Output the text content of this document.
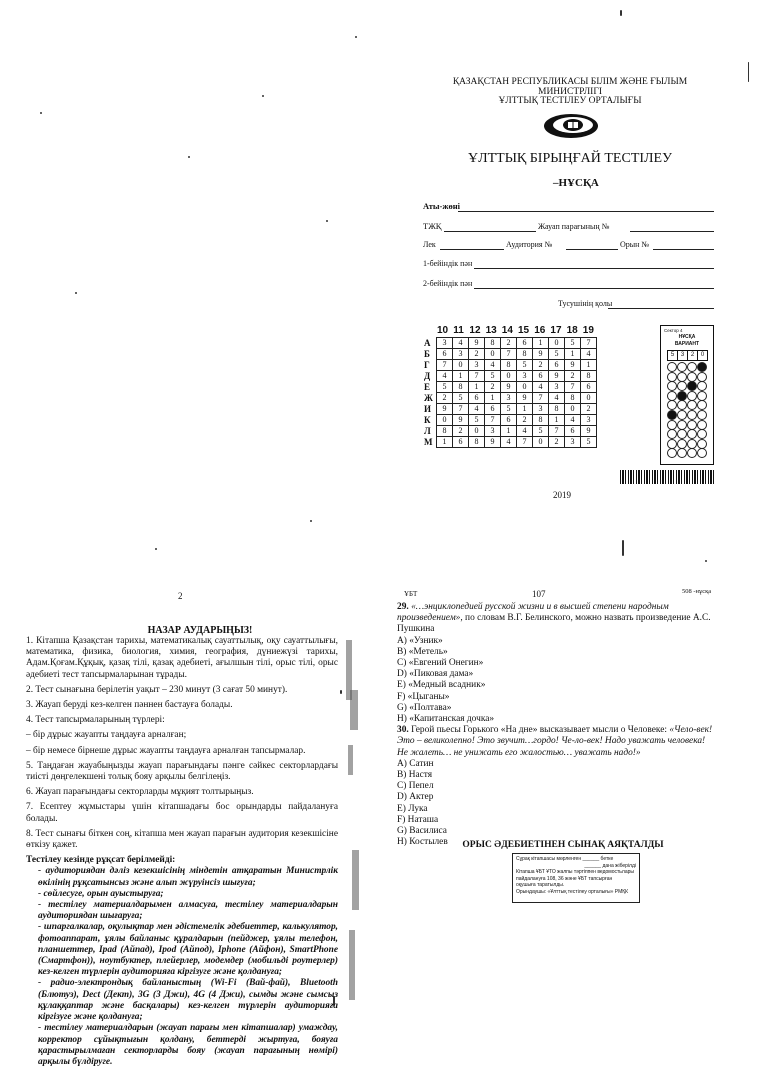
ҚАЗАҚСТАН РЕСПУБЛИКАСЫ БІЛІМ ЖӘНЕ ҒЫЛЫМ МИНИСТРЛІГІ
ҰЛТТЫҚ ТЕСТІЛЕУ ОРТАЛЫҒЫ
ҰЛТТЫҚ БІРЫҢҒАЙ ТЕСТІЛЕУ
–НҰСҚА
Аты-жөні
ТЖҚ	Жауап парағының №
Лек	Аудитория №	Орын №
1-бейіндік пән
2-бейіндік пән
Тусушінің қолы
10 11 12 13 14 15 16 17 18 19
А	3	4	9	8	2	6	1	0	5	7
Б	6	3	2	0	7	8	9	5	1	4
Г	7	0	3	4	8	5	2	6	9	1
Д	4	1	7	5	0	3	6	9	2	8
Е	5	8	1	2	9	0	4	3	7	6
Ж	2	5	6	1	3	9	7	4	8	0
И	9	7	4	6	5	1	3	8	0	2
К	0	9	5	7	6	2	8	1	4	3
Л	8	2	0	3	1	4	5	7	6	9
М	1	6	8	9	4	7	0	2	3	5
Сектор 4
НҰСҚА
ВАРИАНТ
5	3	2	0
2019
2
НАЗАР АУДАРЫҢЫЗ!

1. Кітапша Қазақстан тарихы, математикалық сауаттылық, оқу сауаттылығы, математика, физика, биология, химия, география, дүниежүзі тарихы, Адам.Қоғам.Құқық, қазақ тілі, қазақ әдебиеті, ағылшын тілі, орыс тілі, орыс әдебиеті тест тапсырмаларынан тұрады.

2. Тест сынағына берілетін уақыт – 230 минут (3 сағат 50 минут).

3. Жауап беруді кез-келген пәннен бастауға болады.

4. Тест тапсырмаларының түрлері:

– бір дұрыс жауапты таңдауға арналған;

– бір немесе бірнеше дұрыс жауапты таңдауға арналған тапсырмалар.

5. Таңдаған жауабыңызды жауап парағындағы пәнге сәйкес секторлардағы тиісті дөңгелекшені толық бояу арқылы белгілеңіз.

6. Жауап парағындағы секторларды мұқият толтырыңыз.

7. Есептеу жұмыстары үшін кітапшадағы бос орындарды пайдалануға болады.

8. Тест сынағы біткен соң, кітапша мен жауап парағын аудитория кезекшісіне өткізу қажет.

Тестілеу кезінде рұқсат берілмейді:

- аудиториядан дәліз кезекшісінің міндетін атқаратын Министрлік өкілінің рұқсатынсыз және алып жүруінсіз шығуға;

- сөйлесуге, орын ауыстыруға;

- тестілеу материалдарымен алмасуға, тестілеу материалдарын аудиториядан шығаруға;

- шпаргалкалар, оқулықтар мен әдістемелік әдебиеттер, калькулятор, фотоаппарат, ұялы байланыс құралдарын (пейджер, ұялы телефон, планшеттер, Ipad (Айпад), Ipod (Айпод), Iphone (Айфон), SmartPhone (Смартфон)), ноутбуктер, плейерлер, модемдер (мобильді роутерлер) кез-келген түрлерін аудиторияға кіргізуге және қолдануға;

- радио-электрондық байланыстың (Wi-Fi (Вай-фай), Bluetooth (Блютуз), Dect (Дект), 3G (3 Джи), 4G (4 Джи), сымды және сымсыз құлаққаптар және басқалары) кез-келген түрлерін аудиторияға кіргізуге және қолдануға;

- тестілеу материалдарын (жауап парағы мен кітапшалар) умаждау, корректор сұйықтығын қолдану, беттерді жыртуға, бояуға қарастырылмаған секторларды бояу (жауап парағының нөмірі) арқылы бүлдіруге.

ҰБТ	107	508 -нұсқа

29. «…энциклопедией русской жизни и в высшей степени народным произведением», по словам В.Г. Белинского, можно назвать произведение А.С. Пушкина

A) «Узник»

B) «Метель»

C) «Евгений Онегин»

D) «Пиковая дама»

E) «Медный всадник»

F) «Цыганы»

G) «Полтава»

H) «Капитанская дочка»

30. Герой пьесы Горького «На дне» высказывает мысли о Человеке: «Чело-век! Это – великолепно! Это звучит…гордо! Че-ло-век! Надо уважать человека! Не жалеть… не унижать его жалостью… уважать надо!»

A) Сатин

B) Настя

C) Пепел

D) Актер

E) Лука

F) Наташа

G) Василиса

H) Костылев	ОРЫС ӘДЕБИЕТІНЕН СЫНАҚ АЯҚТАЛДЫ
Сұрақ кітапшасы мөрленген ______ бетке
______ дана жіберілді
Кітапша ҰБТ ҰТО жалпы тәртіппен ведомостьлары
пайдалануға 108, 36 және ҰБТ тапсырған
оқушыға таратылды.
Орындаушы: «Ұлттық тестілеу орталығы» РМҚК
